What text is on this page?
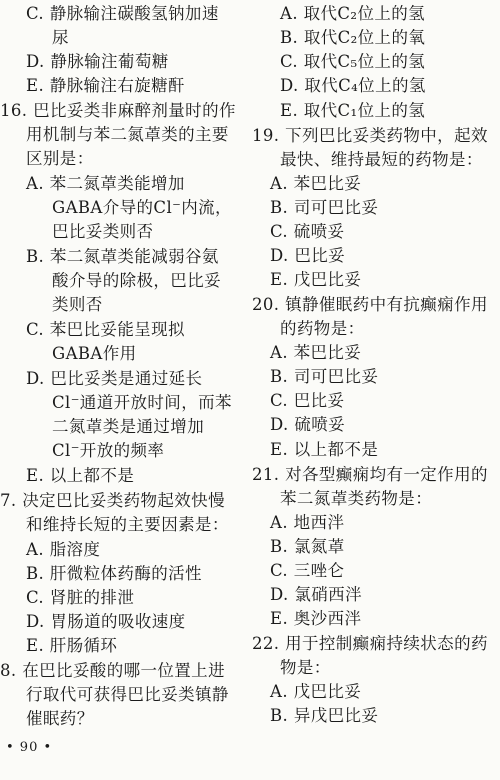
C. 静脉输注碳酸氢钠加速
尿
D. 静脉输注葡萄糖
E. 静脉输注右旋糖酐
16. 巴比妥类非麻醉剂量时的作
用机制与苯二氮䓬类的主要
区别是：
A. 苯二氮䓬类能增加
GABA介导的Cl⁻内流，
巴比妥类则否
B. 苯二氮䓬类能减弱谷氨
酸介导的除极，巴比妥
类则否
C. 苯巴比妥能呈现拟
GABA作用
D. 巴比妥类是通过延长
Cl⁻通道开放时间，而苯
二氮䓬类是通过增加
Cl⁻开放的频率
E. 以上都不是
7. 决定巴比妥类药物起效快慢
和维持长短的主要因素是：
A. 脂溶度
B. 肝微粒体药酶的活性
C. 肾脏的排泄
D. 胃肠道的吸收速度
E. 肝肠循环
8. 在巴比妥酸的哪一位置上进
行取代可获得巴比妥类镇静
催眠药？
A. 取代C₂位上的氢
B. 取代C₂位上的氧
C. 取代C₅位上的氢
D. 取代C₄位上的氢
E. 取代C₁位上的氢
19. 下列巴比妥类药物中，起效
最快、维持最短的药物是：
A. 苯巴比妥
B. 司可巴比妥
C. 硫喷妥
D. 巴比妥
E. 戊巴比妥
20. 镇静催眠药中有抗癫痫作用
的药物是：
A. 苯巴比妥
B. 司可巴比妥
C. 巴比妥
D. 硫喷妥
E. 以上都不是
21. 对各型癫痫均有一定作用的
苯二氮䓬类药物是：
A. 地西泮
B. 氯氮䓬
C. 三唑仑
D. 氯硝西泮
E. 奥沙西泮
22. 用于控制癫痫持续状态的药
物是：
A. 戊巴比妥
B. 异戊巴比妥
• 90 •
